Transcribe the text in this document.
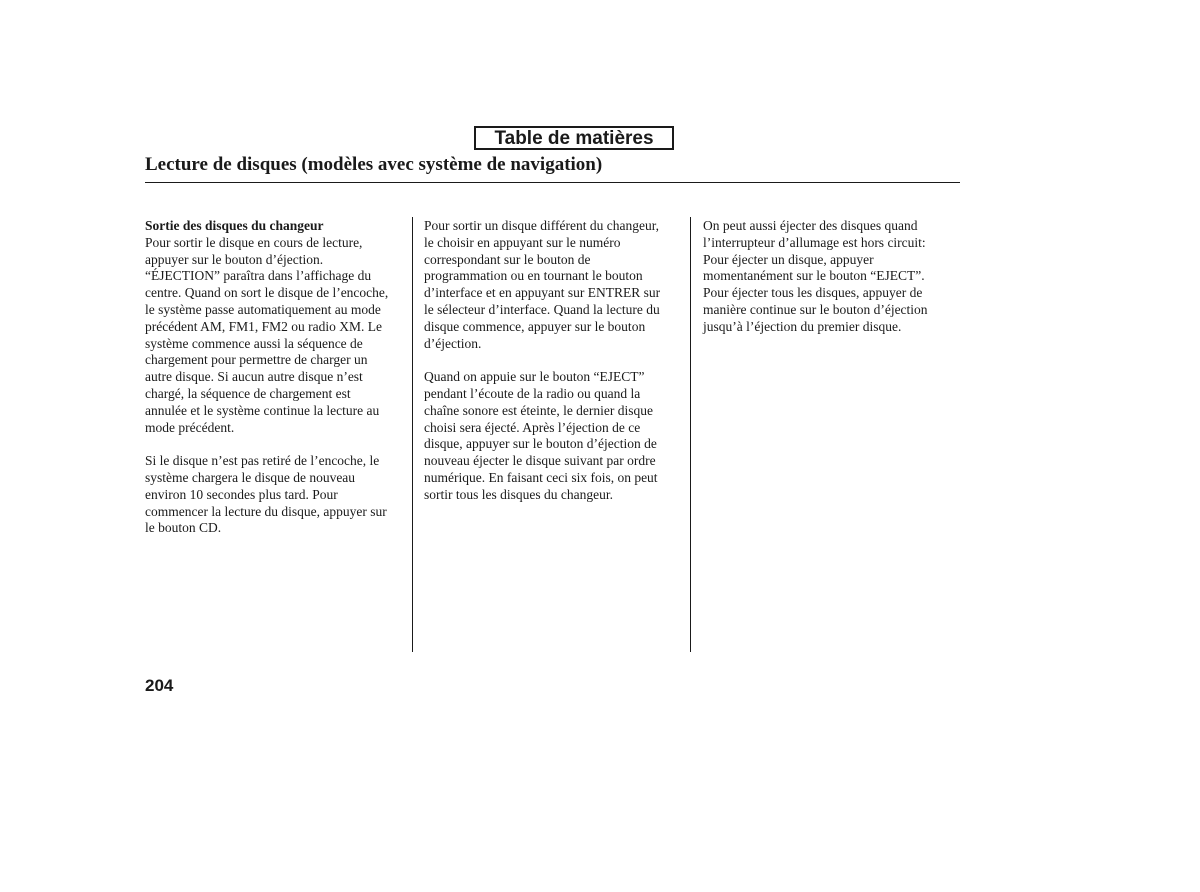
Table de matières
Lecture de disques (modèles avec système de navigation)
Sortie des disques du changeur

Pour sortir le disque en cours de lecture,
appuyer sur le bouton d’éjection.
“ÉJECTION” paraîtra dans l’affichage du
centre. Quand on sort le disque de l’encoche,
le système passe automatiquement au mode
précédent AM, FM1, FM2 ou radio XM. Le
système commence aussi la séquence de
chargement pour permettre de charger un
autre disque. Si aucun autre disque n’est
chargé, la séquence de chargement est
annulée et le système continue la lecture au
mode précédent.

Si le disque n’est pas retiré de l’encoche, le
système chargera le disque de nouveau
environ 10 secondes plus tard. Pour
commencer la lecture du disque, appuyer sur
le bouton CD.

Pour sortir un disque différent du changeur,
le choisir en appuyant sur le numéro
correspondant sur le bouton de
programmation ou en tournant le bouton
d’interface et en appuyant sur ENTRER sur
le sélecteur d’interface. Quand la lecture du
disque commence, appuyer sur le bouton
d’éjection.

Quand on appuie sur le bouton “EJECT”
pendant l’écoute de la radio ou quand la
chaîne sonore est éteinte, le dernier disque
choisi sera éjecté. Après l’éjection de ce
disque, appuyer sur le bouton d’éjection de
nouveau éjecter le disque suivant par ordre
numérique. En faisant ceci six fois, on peut
sortir tous les disques du changeur.

On peut aussi éjecter des disques quand
l’interrupteur d’allumage est hors circuit:
Pour éjecter un disque, appuyer
momentanément sur le bouton “EJECT”.
Pour éjecter tous les disques, appuyer de
manière continue sur le bouton d’éjection
jusqu’à l’éjection du premier disque.

204
